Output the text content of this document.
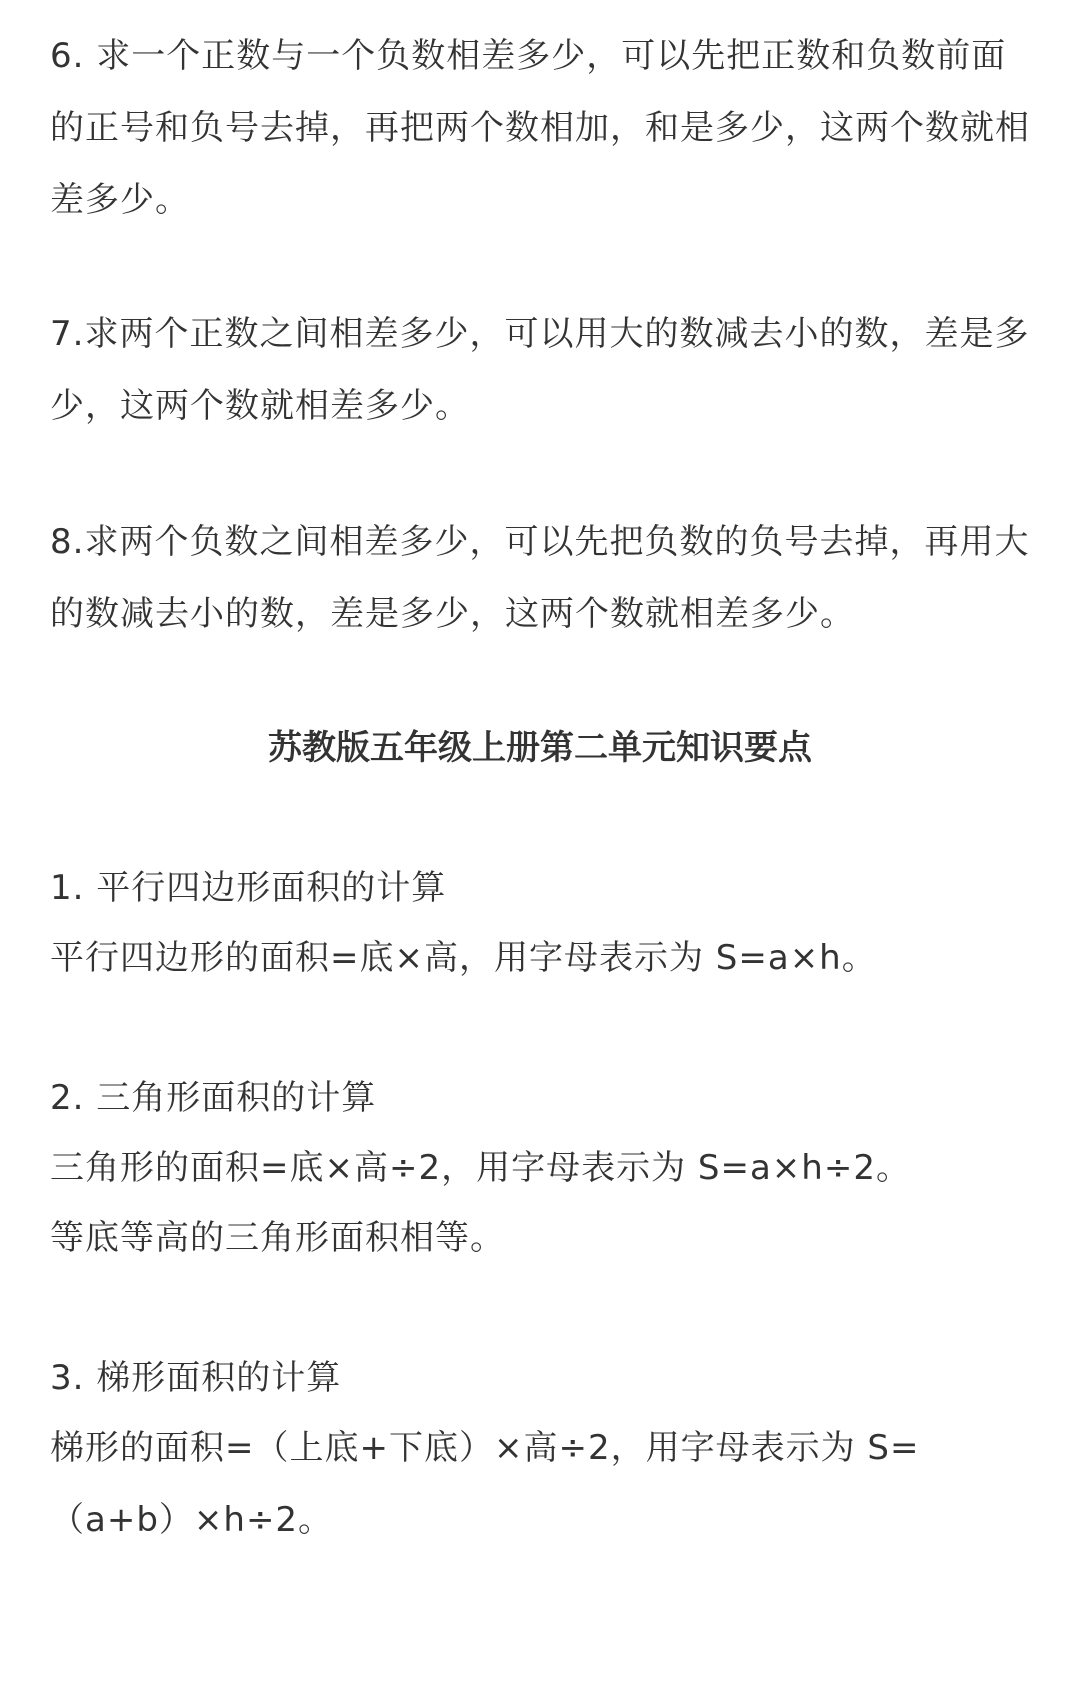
6. 求一个正数与一个负数相差多少，可以先把正数和负数前面的正号和负号去掉，再把两个数相加，和是多少，这两个数就相差多少。

7.求两个正数之间相差多少，可以用大的数减去小的数，差是多少，这两个数就相差多少。

8.求两个负数之间相差多少，可以先把负数的负号去掉，再用大的数减去小的数，差是多少，这两个数就相差多少。

苏教版五年级上册第二单元知识要点
1. 平行四边形面积的计算
平行四边形的面积=底×高，用字母表示为 S=a×h。
2. 三角形面积的计算
三角形的面积=底×高÷2，用字母表示为 S=a×h÷2。
等底等高的三角形面积相等。
3. 梯形面积的计算

梯形的面积=（上底+下底）×高÷2，用字母表示为 S=（a+b）×h÷2。
